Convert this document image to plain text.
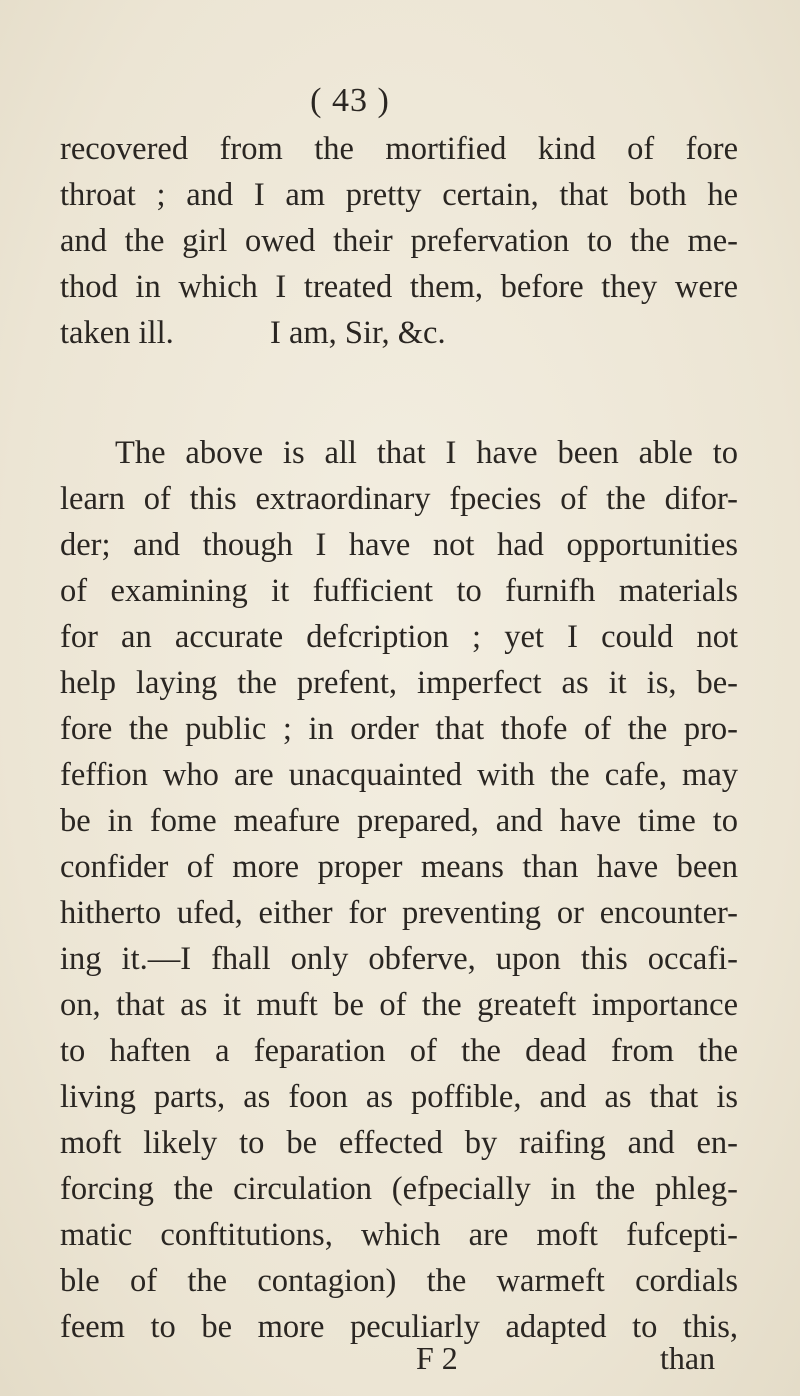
( 43 )
recovered from the mortified kind of fore
throat ; and I am pretty certain, that both he
and the girl owed their prefervation to the me-
thod in which I treated them, before they were
taken ill.	I am, Sir, &c.
The above is all that I have been able to
learn of this extraordinary fpecies of the difor-
der; and though I have not had opportunities
of examining it fufficient to furnifh materials
for an accurate defcription ; yet I could not
help laying the prefent, imperfect as it is, be-
fore the public ; in order that thofe of the pro-
feffion who are unacquainted with the cafe, may
be in fome meafure prepared, and have time to
confider of more proper means than have been
hitherto ufed, either for preventing or encounter-
ing it.—I fhall only obferve, upon this occafi-
on, that as it muft be of the greateft importance
to haften a feparation of the dead from the
living parts, as foon as poffible, and as that is
moft likely to be effected by raifing and en-
forcing the circulation (efpecially in the phleg-
matic conftitutions, which are moft fufcepti-
ble of the contagion) the warmeft cordials
feem to be more peculiarly adapted to this,
F 2	than
